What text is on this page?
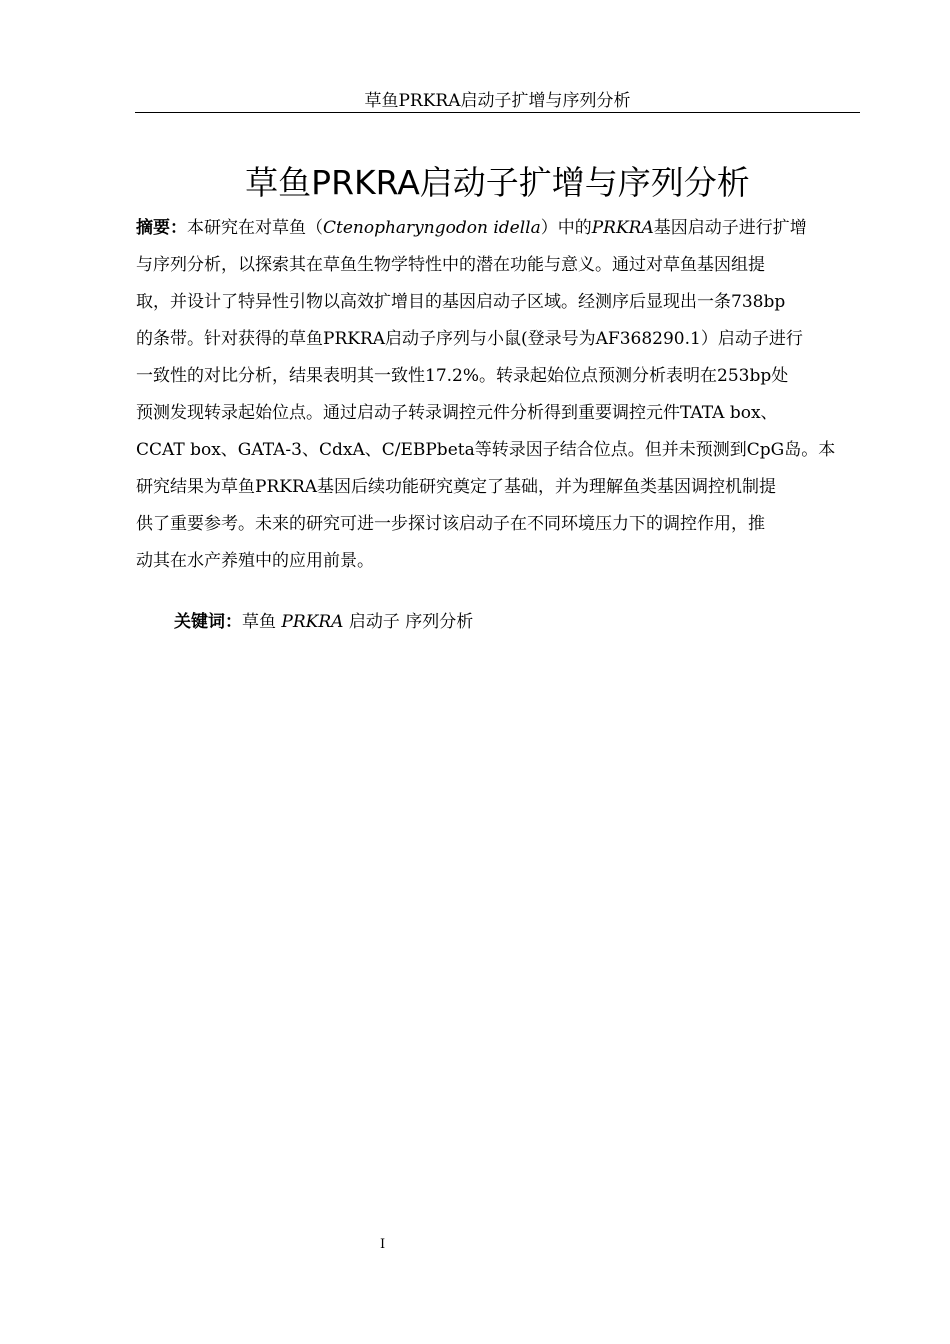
草鱼PRKRA启动子扩增与序列分析
草鱼PRKRA启动子扩增与序列分析
摘要：本研究在对草鱼（Ctenopharyngodon idella）中的PRKRA基因启动子进行扩增
与序列分析，以探索其在草鱼生物学特性中的潜在功能与意义。通过对草鱼基因组提
取，并设计了特异性引物以高效扩增目的基因启动子区域。经测序后显现出一条738bp
的条带。针对获得的草鱼PRKRA启动子序列与小鼠(登录号为AF368290.1）启动子进行
一致性的对比分析，结果表明其一致性17.2%。转录起始位点预测分析表明在253bp处
预测发现转录起始位点。通过启动子转录调控元件分析得到重要调控元件TATA box、
CCAT box、GATA-3、CdxA、C/EBPbeta等转录因子结合位点。但并未预测到CpG岛。本
研究结果为草鱼PRKRA基因后续功能研究奠定了基础，并为理解鱼类基因调控机制提
供了重要参考。未来的研究可进一步探讨该启动子在不同环境压力下的调控作用，推
动其在水产养殖中的应用前景。
关键词：草鱼 PRKRA 启动子 序列分析
I
